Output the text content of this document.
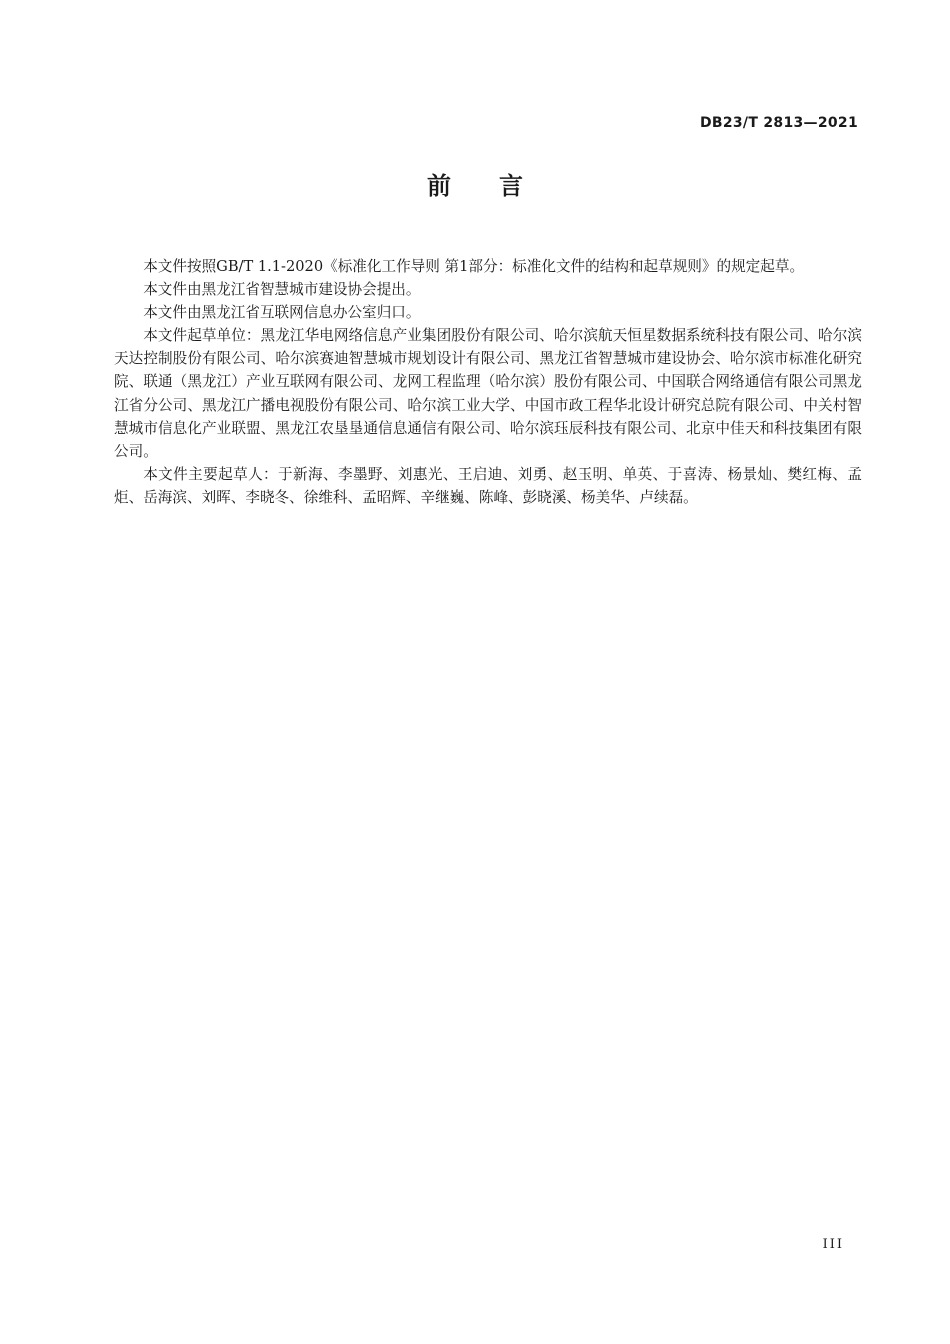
DB23/T 2813—2021
前　　言

本文件按照GB/T 1.1-2020《标准化工作导则 第1部分：标准化文件的结构和起草规则》的规定起草。

本文件由黑龙江省智慧城市建设协会提出。

本文件由黑龙江省互联网信息办公室归口。

本文件起草单位：黑龙江华电网络信息产业集团股份有限公司、哈尔滨航天恒星数据系统科技有限公司、哈尔滨天达控制股份有限公司、哈尔滨赛迪智慧城市规划设计有限公司、黑龙江省智慧城市建设协会、哈尔滨市标准化研究院、联通（黑龙江）产业互联网有限公司、龙网工程监理（哈尔滨）股份有限公司、中国联合网络通信有限公司黑龙江省分公司、黑龙江广播电视股份有限公司、哈尔滨工业大学、中国市政工程华北设计研究总院有限公司、中关村智慧城市信息化产业联盟、黑龙江农垦垦通信息通信有限公司、哈尔滨珏辰科技有限公司、北京中佳天和科技集团有限公司。

本文件主要起草人：于新海、李墨野、刘惠光、王启迪、刘勇、赵玉明、单英、于喜涛、杨景灿、樊红梅、孟炬、岳海滨、刘晖、李晓冬、徐维科、孟昭辉、辛继巍、陈峰、彭晓溪、杨美华、卢续磊。

III
